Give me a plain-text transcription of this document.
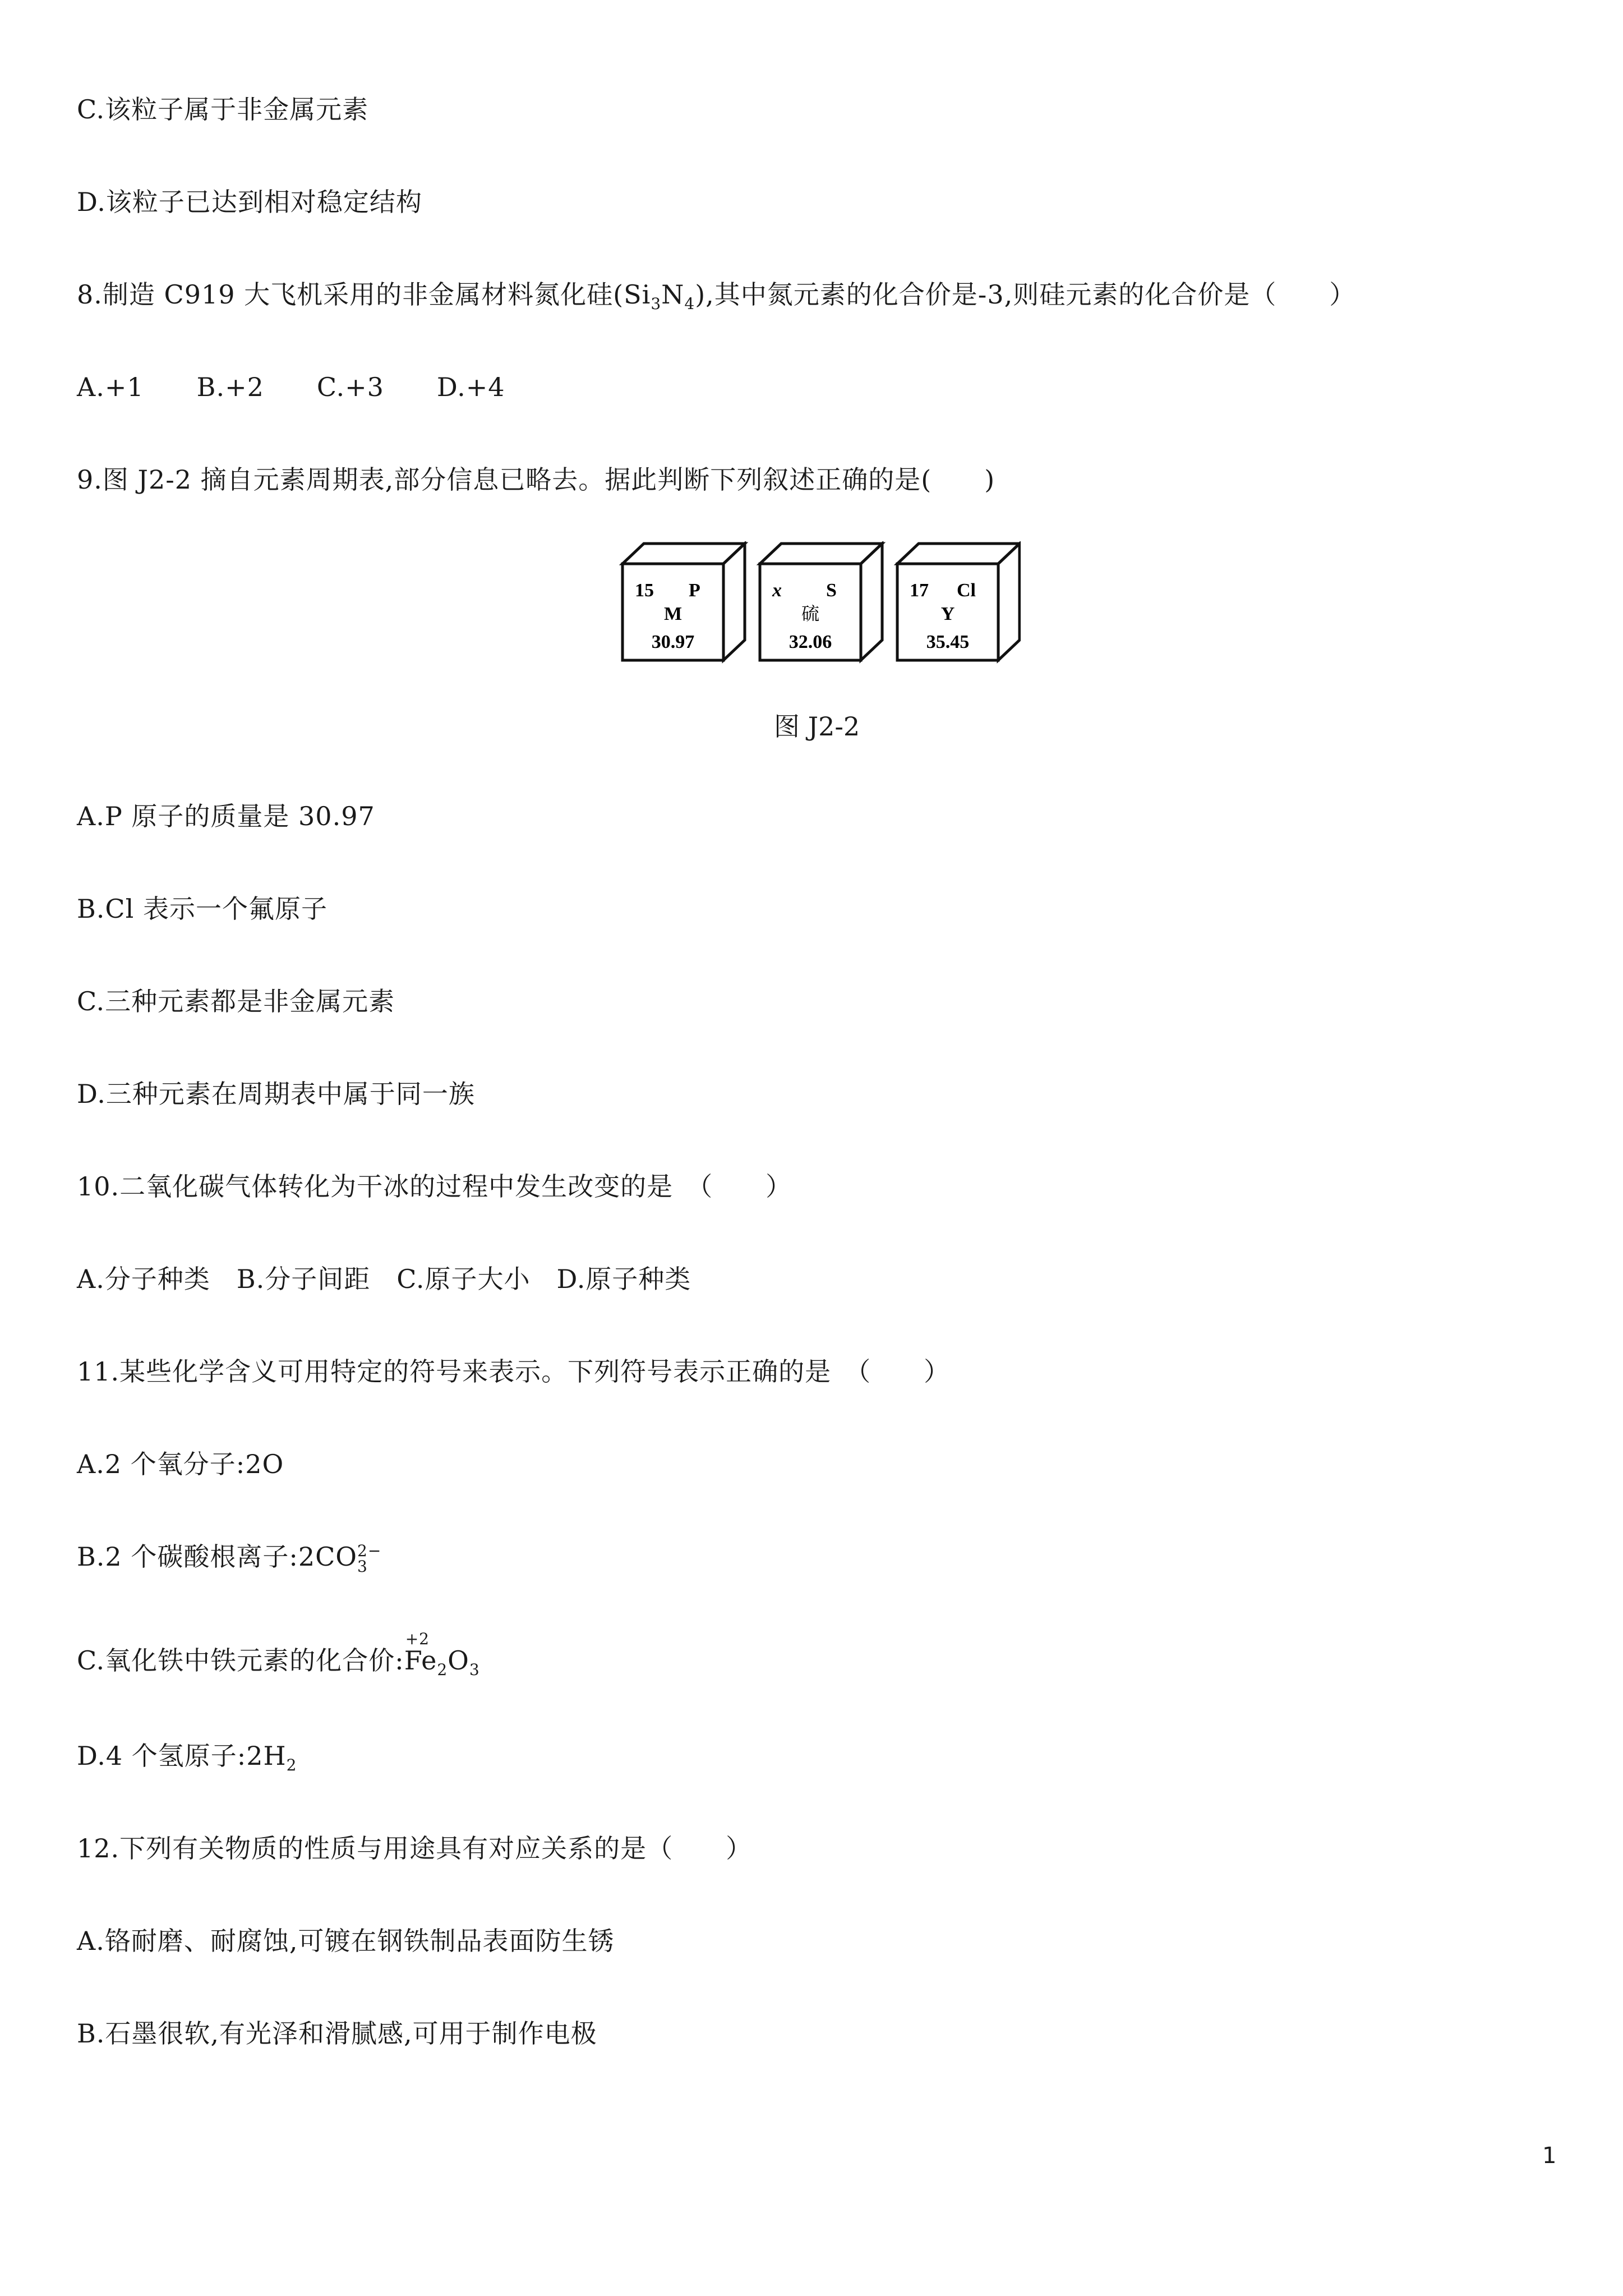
C.该粒子属于非金属元素
D.该粒子已达到相对稳定结构
8.制造 C919 大飞机采用的非金属材料氮化硅$(Si_3N_4)$,其中氮元素的化合价是-3,则硅元素的化合价是（　　）
A.+1　　B.+2　　C.+3　　D.+4
9.图 J2-2 摘自元素周期表,部分信息已略去。据此判断下列叙述正确的是(　　)
15 P
M
30.97
x S
硫
32.06
17 Cl
Y
35.45
图 J2-2
A.P 原子的质量是 30.97
B.Cl 表示一个氟原子
C.三种元素都是非金属元素
D.三种元素在周期表中属于同一族
10.二氧化碳气体转化为干冰的过程中发生改变的是　（　　）
A.分子种类　B.分子间距　C.原子大小　D.原子种类
11.某些化学含义可用特定的符号来表示。下列符号表示正确的是　（　　）
A.2 个氧分子:2O
B.2 个碳酸根离子:2CO 2−
3
C.氧化铁中铁元素的化合价:
+2
$Fe_2O_3$
D.4 个氢原子$:2H_2$
12.下列有关物质的性质与用途具有对应关系的是（　　）
A.铬耐磨、耐腐蚀,可镀在钢铁制品表面防生锈
B.石墨很软,有光泽和滑腻感,可用于制作电极
1
